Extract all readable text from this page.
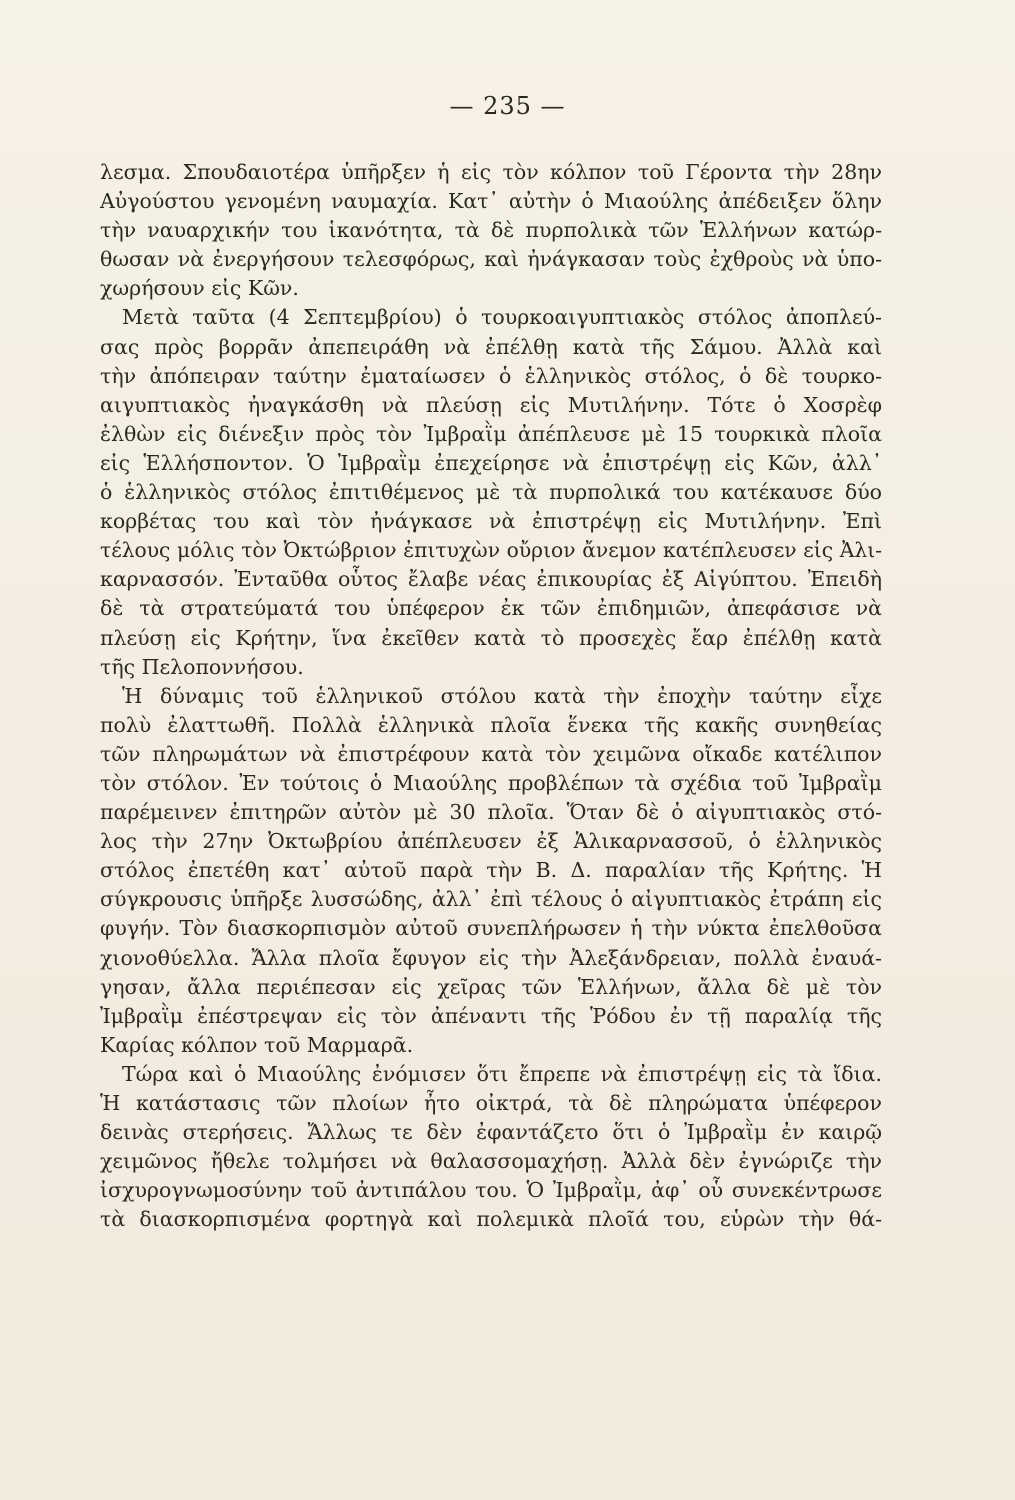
— 235 —
λεσμα. Σπουδαιοτέρα ὑπῆρξεν ἡ εἰς τὸν κόλπον τοῦ Γέροντα τὴν 28ην
Αὐγούστου γενομένη ναυμαχία. Κατ᾽ αὐτὴν ὁ Μιαούλης ἀπέδειξεν ὅλην
τὴν ναυαρχικήν του ἱκανότητα, τὰ δὲ πυρπολικὰ τῶν Ἑλλήνων κατώρ-
θωσαν νὰ ἐνεργήσουν τελεσφόρως, καὶ ἠνάγκασαν τοὺς ἐχθροὺς νὰ ὑπο-
χωρήσουν εἰς Κῶν.
Μετὰ ταῦτα (4 Σεπτεμβρίου) ὁ τουρκοαιγυπτιακὸς στόλος ἀποπλεύ-
σας πρὸς βορρᾶν ἀπεπειράθη νὰ ἐπέλθῃ κατὰ τῆς Σάμου. Ἀλλὰ καὶ
τὴν ἀπόπειραν ταύτην ἐματαίωσεν ὁ ἑλληνικὸς στόλος, ὁ δὲ τουρκο-
αιγυπτιακὸς ἠναγκάσθη νὰ πλεύσῃ εἰς Μυτιλήνην. Τότε ὁ Χοσρὲφ
ἐλθὼν εἰς διένεξιν πρὸς τὸν Ἰμβραῒμ ἀπέπλευσε μὲ 15 τουρκικὰ πλοῖα
εἰς Ἑλλήσποντον. Ὁ Ἰμβραῒμ ἐπεχείρησε νὰ ἐπιστρέψῃ εἰς Κῶν, ἀλλ᾽
ὁ ἑλληνικὸς στόλος ἐπιτιθέμενος μὲ τὰ πυρπολικά του κατέκαυσε δύο
κορβέτας του καὶ τὸν ἠνάγκασε νὰ ἐπιστρέψῃ εἰς Μυτιλήνην. Ἐπὶ
τέλους μόλις τὸν Ὀκτώβριον ἐπιτυχὼν οὔριον ἄνεμον κατέπλευσεν εἰς Ἀλι-
καρνασσόν. Ἐνταῦθα οὗτος ἔλαβε νέας ἐπικουρίας ἐξ Αἰγύπτου. Ἐπειδὴ
δὲ τὰ στρατεύματά του ὑπέφερον ἐκ τῶν ἐπιδημιῶν, ἀπεφάσισε νὰ
πλεύσῃ εἰς Κρήτην, ἵνα ἐκεῖθεν κατὰ τὸ προσεχὲς ἔαρ ἐπέλθῃ κατὰ
τῆς Πελοποννήσου.
Ἡ δύναμις τοῦ ἑλληνικοῦ στόλου κατὰ τὴν ἐποχὴν ταύτην εἶχε
πολὺ ἐλαττωθῆ. Πολλὰ ἑλληνικὰ πλοῖα ἕνεκα τῆς κακῆς συνηθείας
τῶν πληρωμάτων νὰ ἐπιστρέφουν κατὰ τὸν χειμῶνα οἴκαδε κατέλιπον
τὸν στόλον. Ἐν τούτοις ὁ Μιαούλης προβλέπων τὰ σχέδια τοῦ Ἰμβραῒμ
παρέμεινεν ἐπιτηρῶν αὐτὸν μὲ 30 πλοῖα. Ὅταν δὲ ὁ αἰγυπτιακὸς στό-
λος τὴν 27ην Ὀκτωβρίου ἀπέπλευσεν ἐξ Ἁλικαρνασσοῦ, ὁ ἑλληνικὸς
στόλος ἐπετέθη κατ᾽ αὐτοῦ παρὰ τὴν Β. Δ. παραλίαν τῆς Κρήτης. Ἡ
σύγκρουσις ὑπῆρξε λυσσώδης, ἀλλ᾽ ἐπὶ τέλους ὁ αἰγυπτιακὸς ἐτράπη εἰς
φυγήν. Τὸν διασκορπισμὸν αὐτοῦ συνεπλήρωσεν ἡ τὴν νύκτα ἐπελθοῦσα
χιονοθύελλα. Ἄλλα πλοῖα ἔφυγον εἰς τὴν Ἀλεξάνδρειαν, πολλὰ ἐναυά-
γησαν, ἄλλα περιέπεσαν εἰς χεῖρας τῶν Ἑλλήνων, ἄλλα δὲ μὲ τὸν
Ἰμβραῒμ ἐπέστρεψαν εἰς τὸν ἀπέναντι τῆς Ῥόδου ἐν τῇ παραλίᾳ τῆς
Καρίας κόλπον τοῦ Μαρμαρᾶ.
Τώρα καὶ ὁ Μιαούλης ἐνόμισεν ὅτι ἔπρεπε νὰ ἐπιστρέψῃ εἰς τὰ ἴδια.
Ἡ κατάστασις τῶν πλοίων ἦτο οἰκτρά, τὰ δὲ πληρώματα ὑπέφερον
δεινὰς στερήσεις. Ἄλλως τε δὲν ἐφαντάζετο ὅτι ὁ Ἰμβραῒμ ἐν καιρῷ
χειμῶνος ἤθελε τολμήσει νὰ θαλασσομαχήσῃ. Ἀλλὰ δὲν ἐγνώριζε τὴν
ἰσχυρογνωμοσύνην τοῦ ἀντιπάλου του. Ὁ Ἰμβραῒμ, ἀφ᾽ οὗ συνεκέντρωσε
τὰ διασκορπισμένα φορτηγὰ καὶ πολεμικὰ πλοῖά του, εὑρὼν τὴν θά-
